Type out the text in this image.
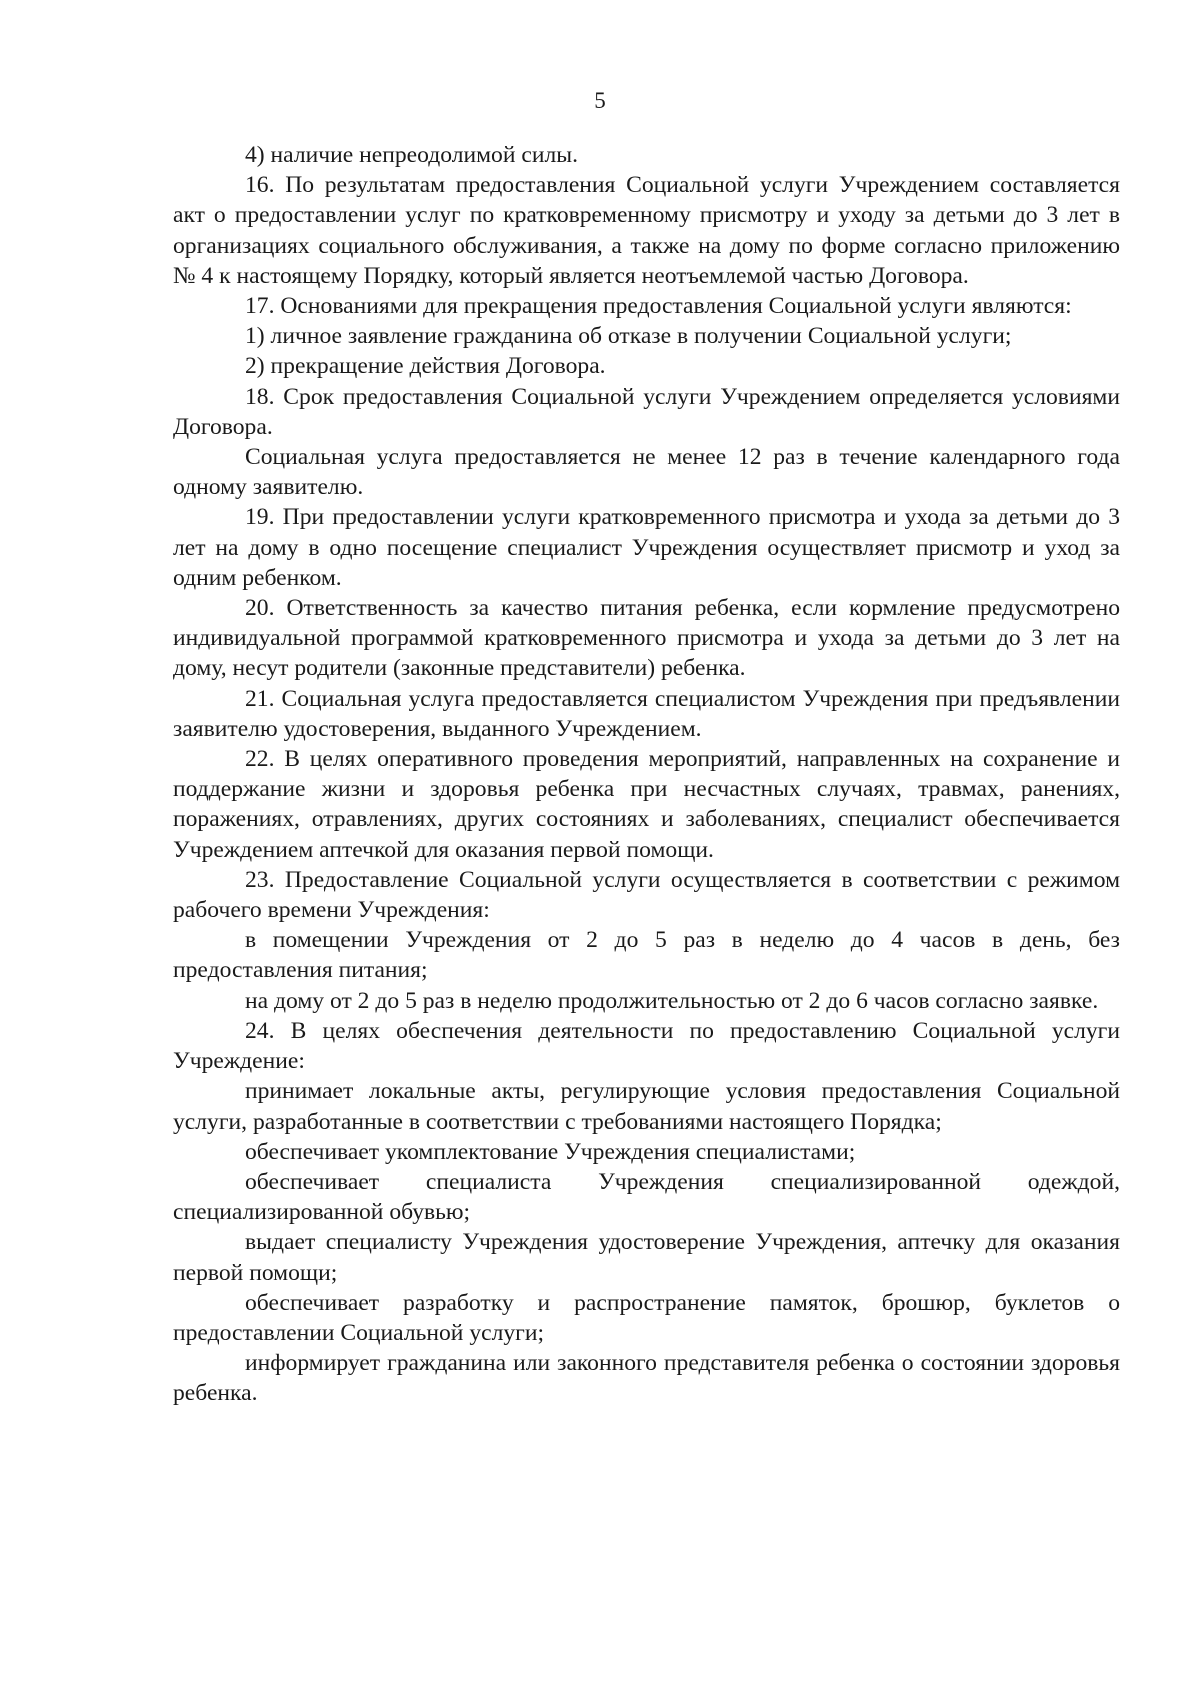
5

4) наличие непреодолимой силы.

16. По результатам предоставления Социальной услуги Учреждением составляется акт о предоставлении услуг по кратковременному присмотру и уходу за детьми до 3 лет в организациях социального обслуживания, а также на дому по форме согласно приложению № 4 к настоящему Порядку, который является неотъемлемой частью Договора.

17. Основаниями для прекращения предоставления Социальной услуги являются:

1) личное заявление гражданина об отказе в получении Социальной услуги;

2) прекращение действия Договора.

18. Срок предоставления Социальной услуги Учреждением определяется условиями Договора.

Социальная услуга предоставляется не менее 12 раз в течение календарного года одному заявителю.

19. При предоставлении услуги кратковременного присмотра и ухода за детьми до 3 лет на дому в одно посещение специалист Учреждения осуществляет присмотр и уход за одним ребенком.

20. Ответственность за качество питания ребенка, если кормление предусмотрено индивидуальной программой кратковременного присмотра и ухода за детьми до 3 лет на дому, несут родители (законные представители) ребенка.

21. Социальная услуга предоставляется специалистом Учреждения при предъявлении заявителю удостоверения, выданного Учреждением.

22. В целях оперативного проведения мероприятий, направленных на сохранение и поддержание жизни и здоровья ребенка при несчастных случаях, травмах, ранениях, поражениях, отравлениях, других состояниях и заболеваниях, специалист обеспечивается Учреждением аптечкой для оказания первой помощи.

23. Предоставление Социальной услуги осуществляется в соответствии с режимом рабочего времени Учреждения:

в помещении Учреждения от 2 до 5 раз в неделю до 4 часов в день, без предоставления питания;

на дому от 2 до 5 раз в неделю продолжительностью от 2 до 6 часов согласно заявке.

24. В целях обеспечения деятельности по предоставлению Социальной услуги Учреждение:

принимает локальные акты, регулирующие условия предоставления Социальной услуги, разработанные в соответствии с требованиями настоящего Порядка;

обеспечивает укомплектование Учреждения специалистами;

обеспечивает специалиста Учреждения специализированной одеждой, специализированной обувью;

выдает специалисту Учреждения удостоверение Учреждения, аптечку для оказания первой помощи;

обеспечивает разработку и распространение памяток, брошюр, буклетов о предоставлении Социальной услуги;

информирует гражданина или законного представителя ребенка о состоянии здоровья ребенка.
